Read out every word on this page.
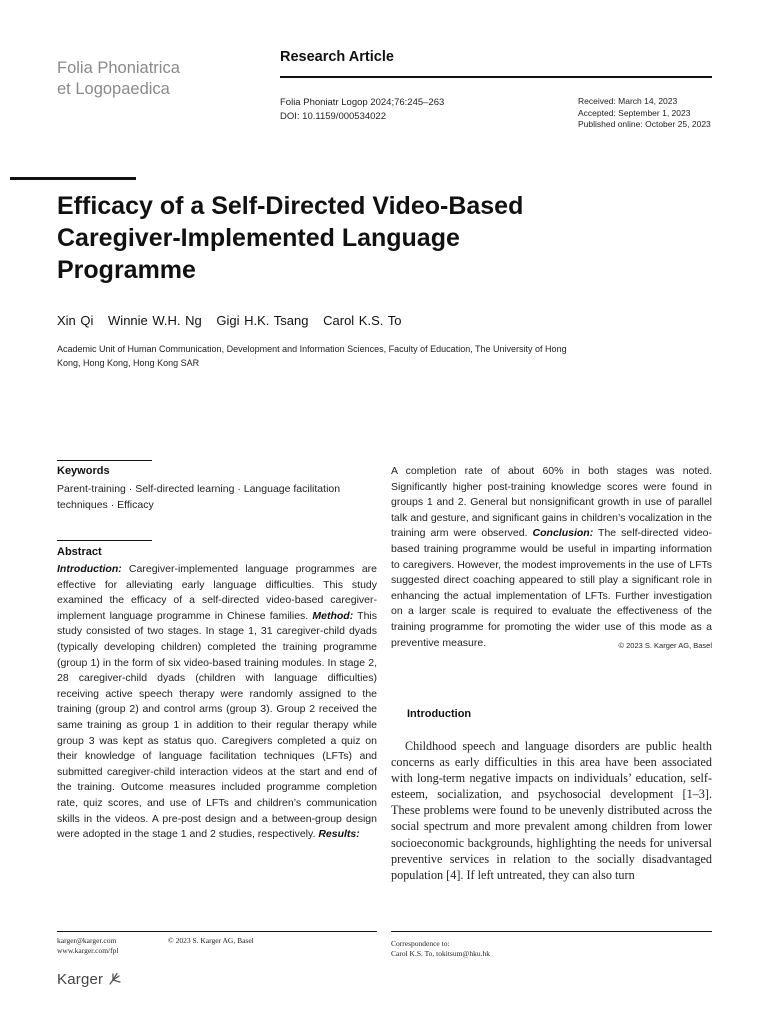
Folia Phoniatrica
et Logopaedica
Research Article
Folia Phoniatr Logop 2024;76:245–263
DOI: 10.1159/000534022
Received: March 14, 2023
Accepted: September 1, 2023
Published online: October 25, 2023
Efficacy of a Self-Directed Video-Based
Caregiver-Implemented Language
Programme
Xin Qi Winnie W.H. Ng Gigi H.K. Tsang Carol K.S. To
Academic Unit of Human Communication, Development and Information Sciences, Faculty of Education, The University of Hong Kong, Hong Kong, Hong Kong SAR
Keywords
Parent-training · Self-directed learning · Language facilitation techniques · Efficacy
Abstract

Introduction: Caregiver-implemented language programmes are effective for alleviating early language difficulties. This study examined the efficacy of a self-directed video-based caregiver-implement language programme in Chinese families. Method: This study consisted of two stages. In stage 1, 31 caregiver-child dyads (typically developing children) completed the training programme (group 1) in the form of six video-based training modules. In stage 2, 28 caregiver-child dyads (children with language difficulties) receiving active speech therapy were randomly assigned to the training (group 2) and control arms (group 3). Group 2 received the same training as group 1 in addition to their regular therapy while group 3 was kept as status quo. Caregivers completed a quiz on their knowledge of language facilitation techniques (LFTs) and submitted caregiver-child interaction videos at the start and end of the training. Outcome measures included programme completion rate, quiz scores, and use of LFTs and children’s communication skills in the videos. A pre-post design and a between-group design were adopted in the stage 1 and 2 studies, respectively. Results:

A completion rate of about 60% in both stages was noted. Significantly higher post-training knowledge scores were found in groups 1 and 2. General but nonsignificant growth in use of parallel talk and gesture, and significant gains in children’s vocalization in the training arm were observed. Conclusion: The self-directed video-based training programme would be useful in imparting information to caregivers. However, the modest improvements in the use of LFTs suggested direct coaching appeared to still play a significant role in enhancing the actual implementation of LFTs. Further investigation on a larger scale is required to evaluate the effectiveness of the training programme for promoting the wider use of this mode as a preventive measure.	© 2023 S. Karger AG, Basel

Introduction

Childhood speech and language disorders are public health concerns as early difficulties in this area have been associated with long-term negative impacts on individuals’ education, self-esteem, socialization, and psychosocial development [1–3]. These problems were found to be unevenly distributed across the social spectrum and more prevalent among children from lower socioeconomic backgrounds, highlighting the needs for universal preventive services in relation to the socially disadvantaged population [4]. If left untreated, they can also turn

karger@karger.com
www.karger.com/fpl
© 2023 S. Karger AG, Basel	Correspondence to:
Carol K.S. To, tokitsum@hku.hk
Karger
